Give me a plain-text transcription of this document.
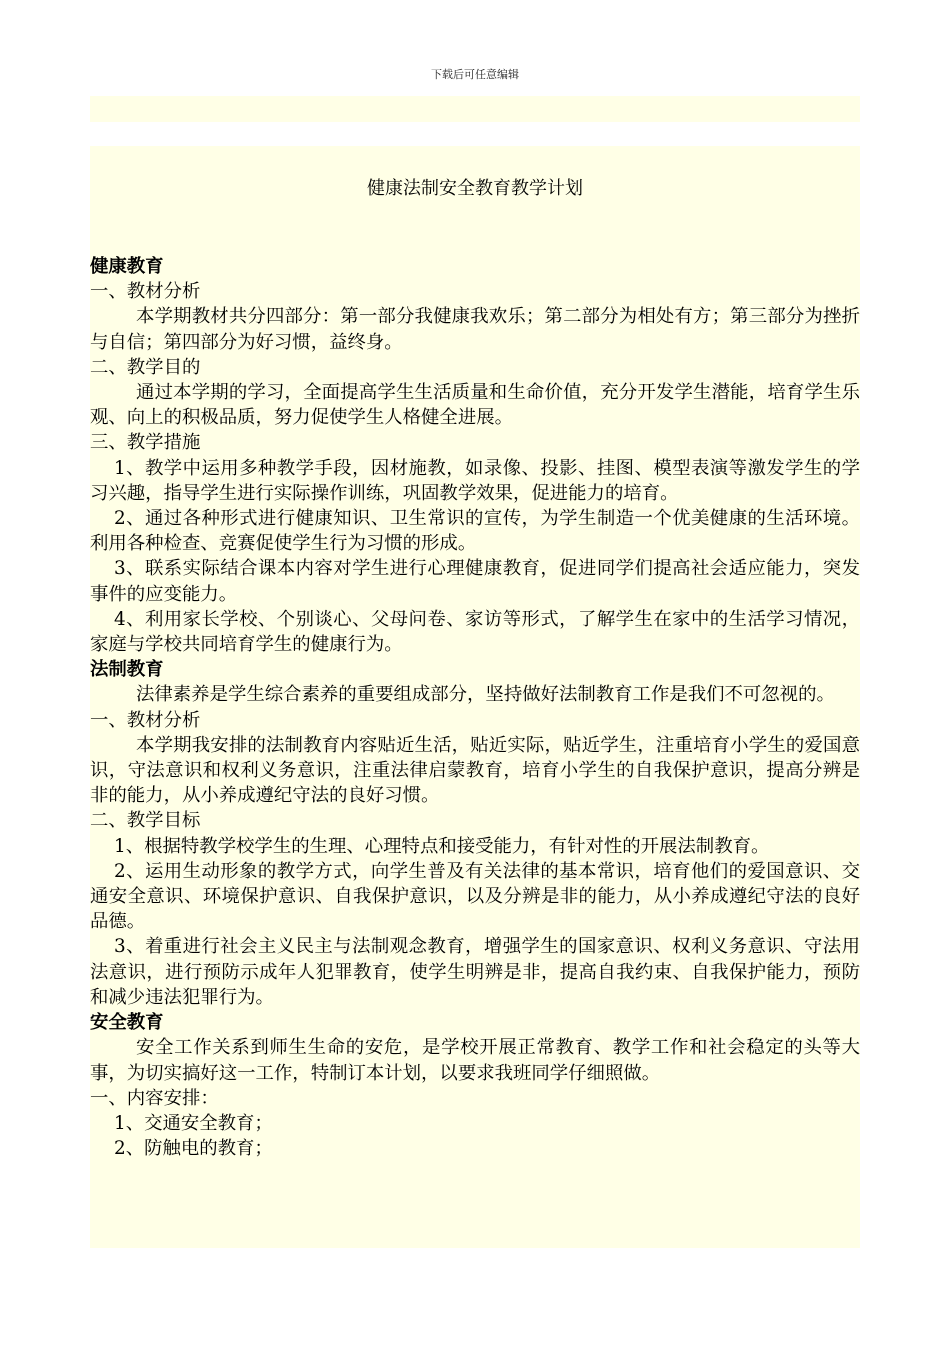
下载后可任意编辑
健康法制安全教育教学计划

健康教育

一、教材分析

本学期教材共分四部分：第一部分我健康我欢乐；第二部分为相处有方；第三部分为挫折与自信；第四部分为好习惯，益终身。

二、教学目的

通过本学期的学习，全面提高学生生活质量和生命价值，充分开发学生潜能，培育学生乐观、向上的积极品质，努力促使学生人格健全进展。

三、教学措施

1、教学中运用多种教学手段，因材施教，如录像、投影、挂图、模型表演等激发学生的学习兴趣，指导学生进行实际操作训练，巩固教学效果，促进能力的培育。

2、通过各种形式进行健康知识、卫生常识的宣传，为学生制造一个优美健康的生活环境。利用各种检查、竞赛促使学生行为习惯的形成。

3、联系实际结合课本内容对学生进行心理健康教育，促进同学们提高社会适应能力，突发事件的应变能力。

4、利用家长学校、个别谈心、父母问卷、家访等形式，了解学生在家中的生活学习情况，家庭与学校共同培育学生的健康行为。

法制教育

法律素养是学生综合素养的重要组成部分，坚持做好法制教育工作是我们不可忽视的。

一、教材分析

本学期我安排的法制教育内容贴近生活，贴近实际，贴近学生，注重培育小学生的爱国意识，守法意识和权利义务意识，注重法律启蒙教育，培育小学生的自我保护意识，提高分辨是非的能力，从小养成遵纪守法的良好习惯。

二、教学目标

1、根据特教学校学生的生理、心理特点和接受能力，有针对性的开展法制教育。

2、运用生动形象的教学方式，向学生普及有关法律的基本常识，培育他们的爱国意识、交通安全意识、环境保护意识、自我保护意识，以及分辨是非的能力，从小养成遵纪守法的良好品德。

3、着重进行社会主义民主与法制观念教育，增强学生的国家意识、权利义务意识、守法用法意识，进行预防示成年人犯罪教育，使学生明辨是非，提高自我约束、自我保护能力，预防和减少违法犯罪行为。

安全教育

安全工作关系到师生生命的安危，是学校开展正常教育、教学工作和社会稳定的头等大事，为切实搞好这一工作，特制订本计划，以要求我班同学仔细照做。

一、内容安排：

1、交通安全教育；

2、防触电的教育；
